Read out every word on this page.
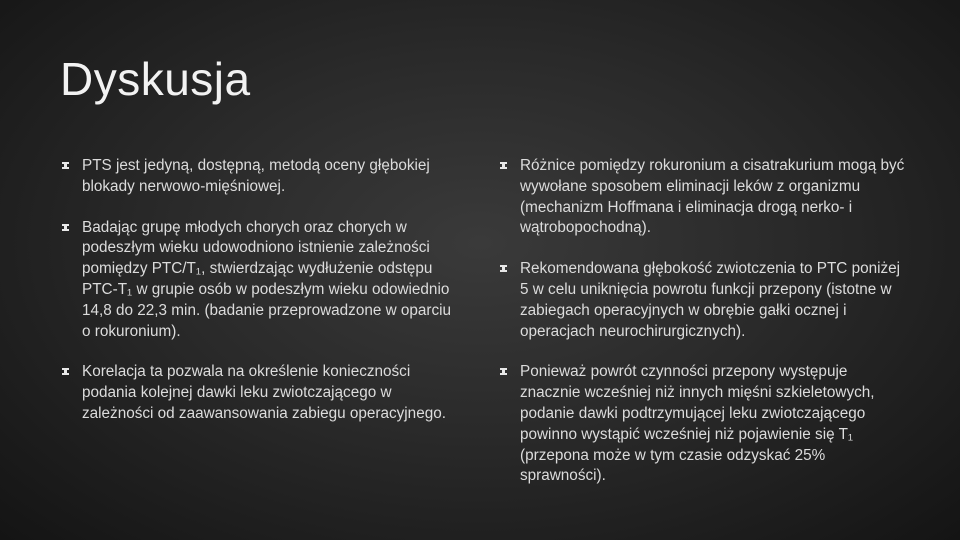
Dyskusja
PTS jest jedyną, dostępną, metodą oceny głębokiej blokady nerwowo-mięśniowej.
Badając grupę młodych chorych oraz chorych w podeszłym wieku udowodniono istnienie zależności pomiędzy PTC/T₁, stwierdzając wydłużenie odstępu PTC-T₁ w grupie osób w podeszłym wieku odowiednio 14,8 do 22,3 min. (badanie przeprowadzone w oparciu o rokuronium).
Korelacja ta pozwala na określenie konieczności podania kolejnej dawki leku zwiotczającego w zależności od zaawansowania zabiegu operacyjnego.
Różnice pomiędzy rokuronium a cisatrakurium mogą być wywołane sposobem eliminacji leków z organizmu (mechanizm Hoffmana i eliminacja drogą nerko- i wątrobopochodną).
Rekomendowana głębokość zwiotczenia to PTC poniżej 5 w celu uniknięcia powrotu funkcji przepony (istotne w zabiegach operacyjnych w obrębie gałki ocznej i operacjach neurochirurgicznych).
Ponieważ powrót czynności przepony występuje znacznie wcześniej niż innych mięśni szkieletowych, podanie dawki podtrzymującej leku zwiotczającego powinno wystąpić wcześniej niż pojawienie się T₁ (przepona może w tym czasie odzyskać 25% sprawności).
